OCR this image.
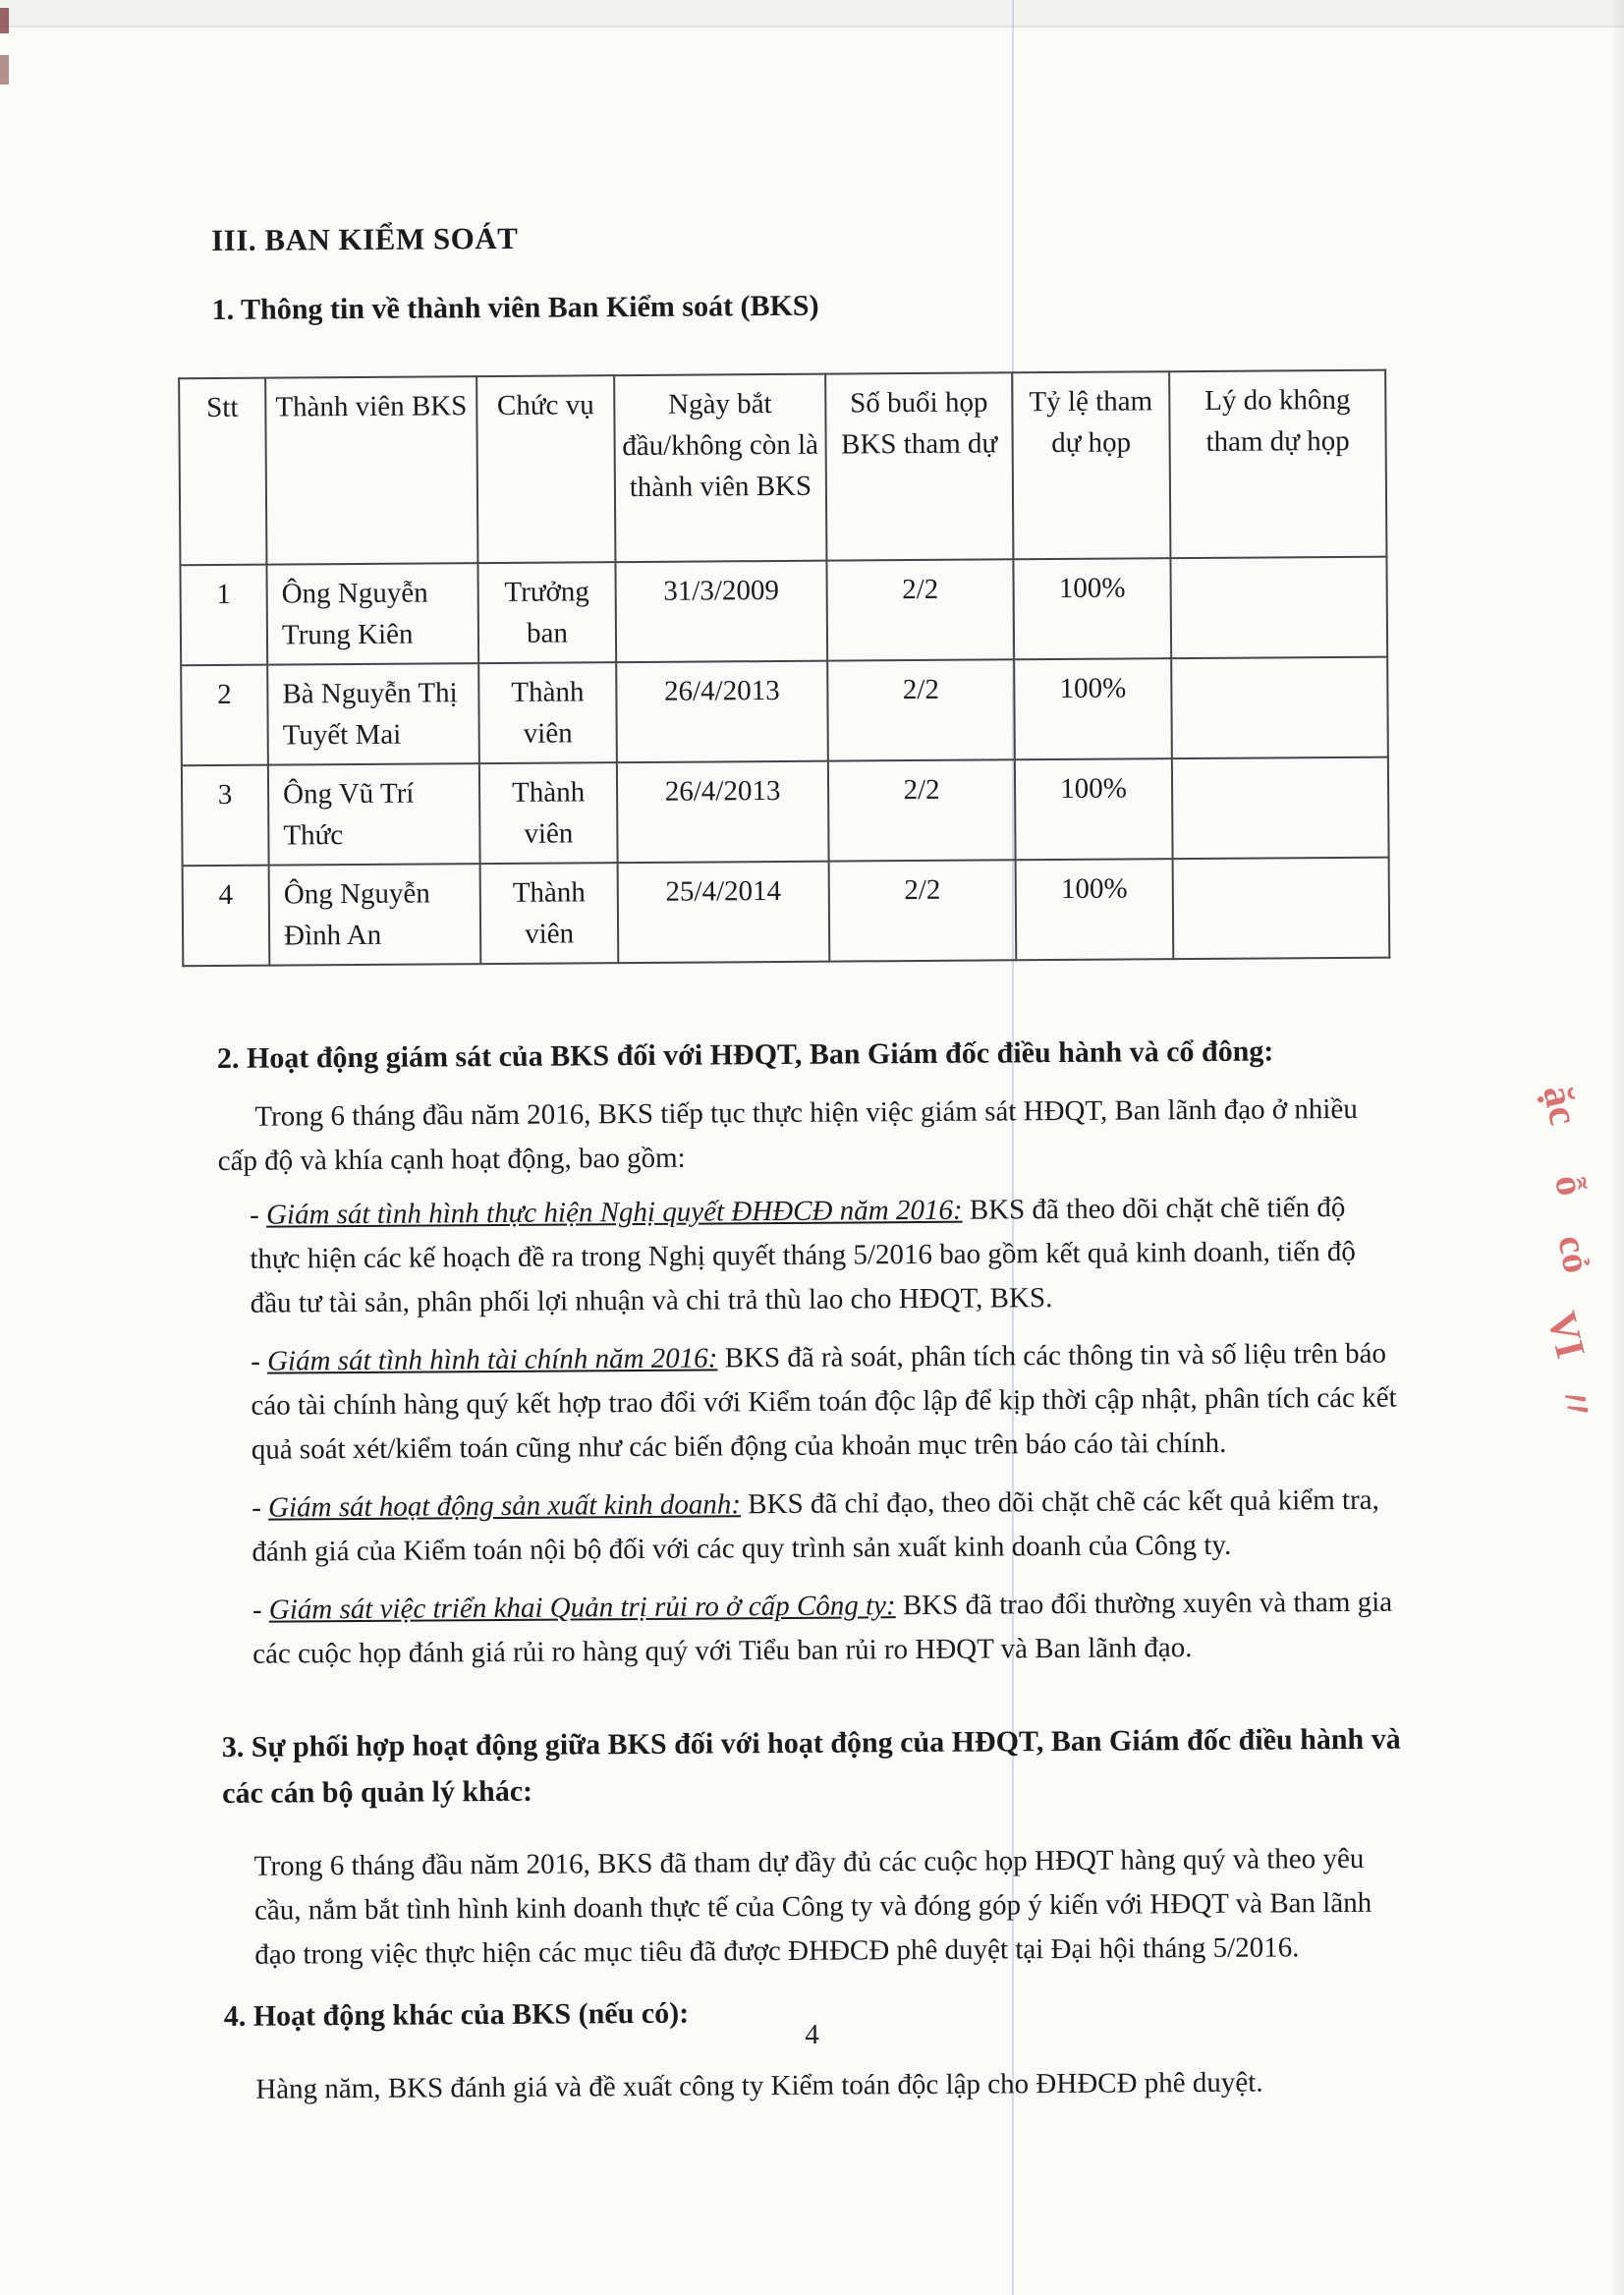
III. BAN KIỂM SOÁT

1. Thông tin về thành viên Ban Kiểm soát (BKS)

Stt	Thành viên BKS	Chức vụ	Ngày bắt đầu/không còn là thành viên BKS	Số buổi họp BKS tham dự	Tỷ lệ tham dự họp	Lý do không tham dự họp
1	Ông Nguyễn Trung Kiên	Trưởng ban	31/3/2009	2/2	100%	
2	Bà Nguyễn Thị Tuyết Mai	Thành viên	26/4/2013	2/2	100%	
3	Ông Vũ Trí Thức	Thành viên	26/4/2013	2/2	100%	
4	Ông Nguyễn Đình An	Thành viên	25/4/2014	2/2	100%	

2. Hoạt động giám sát của BKS đối với HĐQT, Ban Giám đốc điều hành và cổ đông:

Trong 6 tháng đầu năm 2016, BKS tiếp tục thực hiện việc giám sát HĐQT, Ban lãnh đạo ở nhiều cấp độ và khía cạnh hoạt động, bao gồm:

- Giám sát tình hình thực hiện Nghị quyết ĐHĐCĐ năm 2016: BKS đã theo dõi chặt chẽ tiến độ thực hiện các kế hoạch đề ra trong Nghị quyết tháng 5/2016 bao gồm kết quả kinh doanh, tiến độ đầu tư tài sản, phân phối lợi nhuận và chi trả thù lao cho HĐQT, BKS.

- Giám sát tình hình tài chính năm 2016: BKS đã rà soát, phân tích các thông tin và số liệu trên báo cáo tài chính hàng quý kết hợp trao đổi với Kiểm toán độc lập để kịp thời cập nhật, phân tích các kết quả soát xét/kiểm toán cũng như các biến động của khoản mục trên báo cáo tài chính.

- Giám sát hoạt động sản xuất kinh doanh: BKS đã chỉ đạo, theo dõi chặt chẽ các kết quả kiểm tra, đánh giá của Kiểm toán nội bộ đối với các quy trình sản xuất kinh doanh của Công ty.

- Giám sát việc triển khai Quản trị rủi ro ở cấp Công ty: BKS đã trao đổi thường xuyên và tham gia các cuộc họp đánh giá rủi ro hàng quý với Tiểu ban rủi ro HĐQT và Ban lãnh đạo.

3. Sự phối hợp hoạt động giữa BKS đối với hoạt động của HĐQT, Ban Giám đốc điều hành và các cán bộ quản lý khác:

Trong 6 tháng đầu năm 2016, BKS đã tham dự đầy đủ các cuộc họp HĐQT hàng quý và theo yêu cầu, nắm bắt tình hình kinh doanh thực tế của Công ty và đóng góp ý kiến với HĐQT và Ban lãnh đạo trong việc thực hiện các mục tiêu đã được ĐHĐCĐ phê duyệt tại Đại hội tháng 5/2016.

4. Hoạt động khác của BKS (nếu có):

Hàng năm, BKS đánh giá và đề xuất công ty Kiểm toán độc lập cho ĐHĐCĐ phê duyệt.

ặc
ỗ
cỏ
VI
〃
4
